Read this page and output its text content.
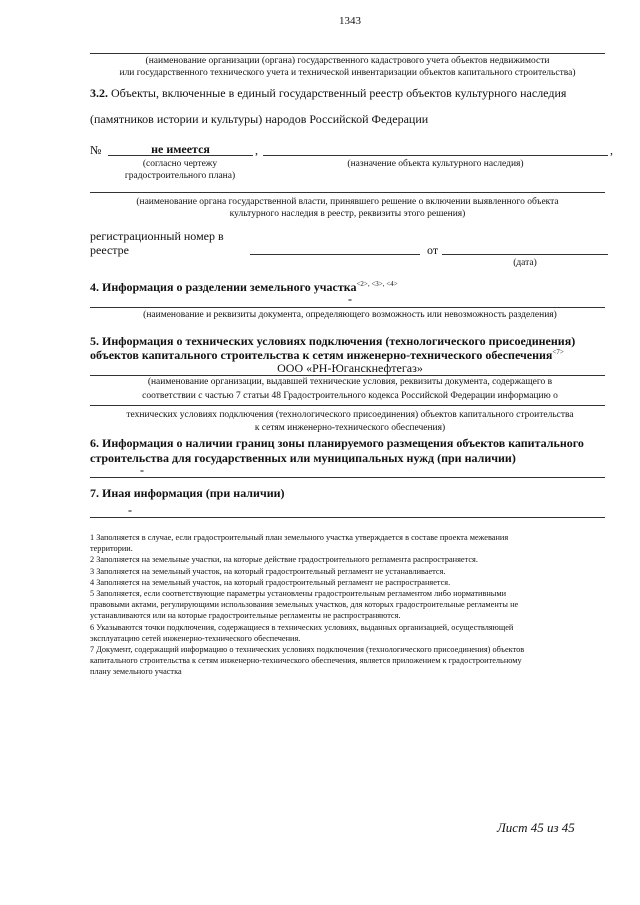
1343
(наименование организации (органа) государственного кадастрового учета объектов недвижимости
или государственного технического учета и технической инвентаризации объектов капитального строительства)
3.2. Объекты, включенные в единый государственный реестр объектов культурного наследия
(памятников истории и культуры) народов Российской Федерации
№	не имеется	,	,
(согласно чертежу
градостроительного плана)
(назначение объекта культурного наследия)
(наименование органа государственной власти, принявшего решение о включении выявленного объекта
культурного наследия в реестр, реквизиты этого решения)
регистрационный номер в
реестре	от
(дата)
4. Информация о разделении земельного участка$^{<2>, <3>, <4>}$
-
(наименование и реквизиты документа, определяющего возможность или невозможность разделения)
5. Информация о технических условиях подключения (технологического присоединения)
объектов капитального строительства к сетям инженерно-технического обеспечения$^{<7>}$
ООО «РН-Юганскнефтегаз»
(наименование организации, выдавшей технические условия, реквизиты документа, содержащего в
соответствии с частью 7 статьи 48 Градостроительного кодекса Российской Федерации информацию о
технических условиях подключения (технологического присоединения) объектов капитального строительства
к сетям инженерно-технического обеспечения)
6. Информация о наличии границ зоны планируемого размещения объектов капитального
строительства для государственных или муниципальных нужд (при наличии)
-
7. Иная информация (при наличии)
-
1 Заполняется в случае, если градостроительный план земельного участка утверждается в составе проекта межевания
территории.
2 Заполняется на земельные участки, на которые действие градостроительного регламента распространяется.
3 Заполняется на земельный участок, на который градостроительный регламент не устанавливается.
4 Заполняется на земельный участок, на который градостроительный регламент не распространяется.
5 Заполняется, если соответствующие параметры установлены градостроительным регламентом либо нормативными
правовыми актами, регулирующими использования земельных участков, для которых градостроительные регламенты не
устанавливаются или на которые градостроительные регламенты не распространяются.
6 Указываются точки подключения, содержащиеся в технических условиях, выданных организацией, осуществляющей
эксплуатацию сетей инженерно-технического обеспечения.
7 Документ, содержащий информацию о технических условиях подключения (технологического присоединения) объектов
капитального строительства к сетям инженерно-технического обеспечения, является приложением к градостроительному
плану земельного участка
Лист 45 из 45
